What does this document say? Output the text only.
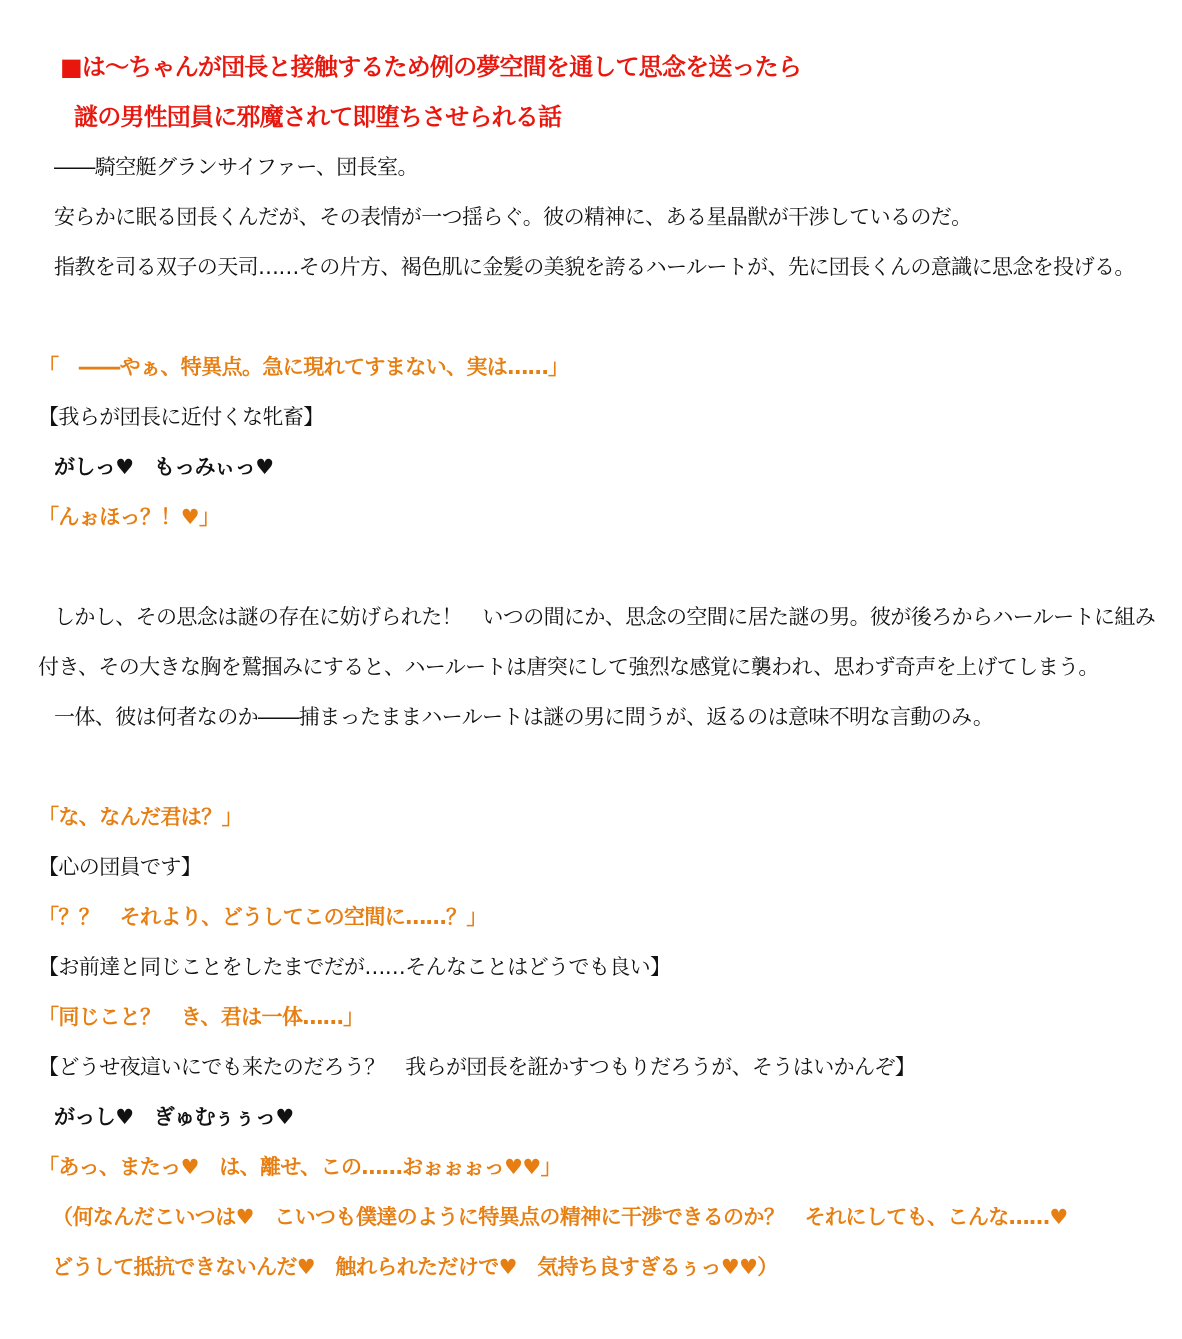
■は～ちゃんが団長と接触するため例の夢空間を通して思念を送ったら
謎の男性団員に邪魔されて即堕ちさせられる話
――騎空艇グランサイファー、団長室。
安らかに眠る団長くんだが、その表情が一つ揺らぐ。彼の精神に、ある星晶獣が干渉しているのだ。
指教を司る双子の天司……その片方、褐色肌に金髪の美貌を誇るハールートが、先に団長くんの意識に思念を投げる。
「　――やぁ、特異点。急に現れてすまない、実は……」
【我らが団長に近付くな牝畜】
がしっ♥　もっみぃっ♥
「んぉほっ？！♥」
しかし、その思念は謎の存在に妨げられた！　いつの間にか、思念の空間に居た謎の男。彼が後ろからハールートに組み
付き、その大きな胸を鷲掴みにすると、ハールートは唐突にして強烈な感覚に襲われ、思わず奇声を上げてしまう。
一体、彼は何者なのか――捕まったままハールートは謎の男に問うが、返るのは意味不明な言動のみ。
「な、なんだ君は？」
【心の団員です】
「？？　それより、どうしてこの空間に……？」
【お前達と同じことをしたまでだが……そんなことはどうでも良い】
「同じこと？　き、君は一体……」
【どうせ夜這いにでも来たのだろう？　我らが団長を誑かすつもりだろうが、そうはいかんぞ】
がっし♥　ぎゅむぅぅっ♥
「あっ、またっ♥　は、離せ、この……おぉぉぉっ♥♥」
（何なんだこいつは♥　こいつも僕達のように特異点の精神に干渉できるのか？　それにしても、こんな……♥
どうして抵抗できないんだ♥　触れられただけで♥　気持ち良すぎるぅっ♥♥）
